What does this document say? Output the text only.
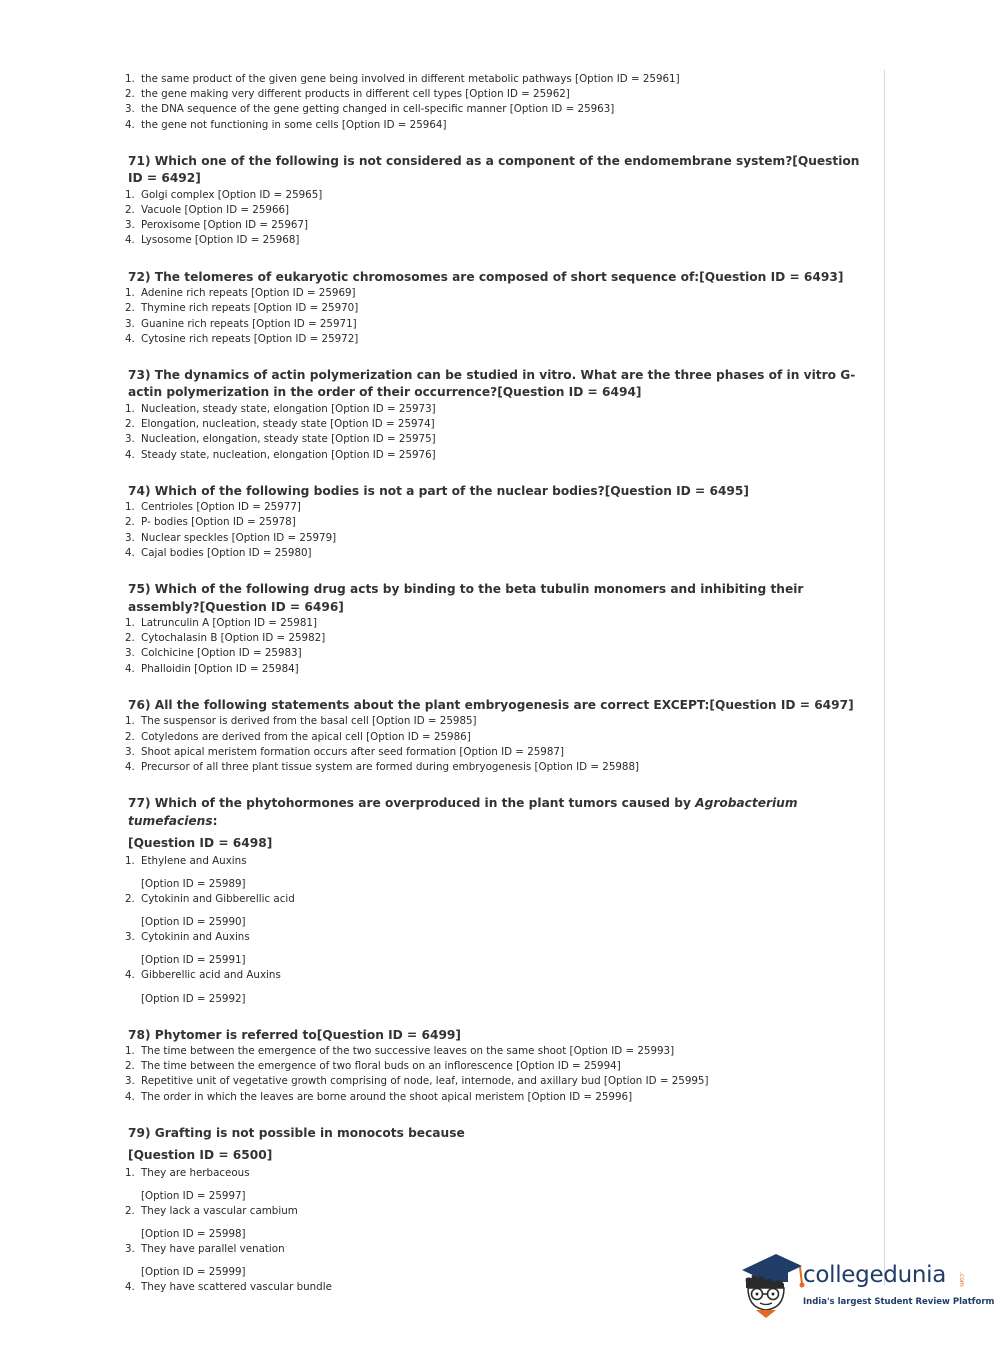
1. the same product of the given gene being involved in different metabolic pathways [Option ID = 25961]
2. the gene making very different products in different cell types [Option ID = 25962]
3. the DNA sequence of the gene getting changed in cell-specific manner [Option ID = 25963]
4. the gene not functioning in some cells [Option ID = 25964]
71) Which one of the following is not considered as a component of the endomembrane system?[Question ID = 6492]
1. Golgi complex [Option ID = 25965]
2. Vacuole [Option ID = 25966]
3. Peroxisome [Option ID = 25967]
4. Lysosome [Option ID = 25968]
72) The telomeres of eukaryotic chromosomes are composed of short sequence of:[Question ID = 6493]
1. Adenine rich repeats [Option ID = 25969]
2. Thymine rich repeats [Option ID = 25970]
3. Guanine rich repeats [Option ID = 25971]
4. Cytosine rich repeats [Option ID = 25972]
73) The dynamics of actin polymerization can be studied in vitro. What are the three phases of in vitro G-actin polymerization in the order of their occurrence?[Question ID = 6494]
1. Nucleation, steady state, elongation [Option ID = 25973]
2. Elongation, nucleation, steady state [Option ID = 25974]
3. Nucleation, elongation, steady state [Option ID = 25975]
4. Steady state, nucleation, elongation [Option ID = 25976]
74) Which of the following bodies is not a part of the nuclear bodies?[Question ID = 6495]
1. Centrioles [Option ID = 25977]
2. P- bodies [Option ID = 25978]
3. Nuclear speckles [Option ID = 25979]
4. Cajal bodies [Option ID = 25980]
75) Which of the following drug acts by binding to the beta tubulin monomers and inhibiting their assembly?[Question ID = 6496]
1. Latrunculin A [Option ID = 25981]
2. Cytochalasin B [Option ID = 25982]
3. Colchicine [Option ID = 25983]
4. Phalloidin [Option ID = 25984]
76) All the following statements about the plant embryogenesis are correct EXCEPT:[Question ID = 6497]
1. The suspensor is derived from the basal cell [Option ID = 25985]
2. Cotyledons are derived from the apical cell [Option ID = 25986]
3. Shoot apical meristem formation occurs after seed formation [Option ID = 25987]
4. Precursor of all three plant tissue system are formed during embryogenesis [Option ID = 25988]
77) Which of the phytohormones are overproduced in the plant tumors caused by Agrobacterium tumefaciens:
[Question ID = 6498]
1. Ethylene and Auxins
[Option ID = 25989]
2. Cytokinin and Gibberellic acid
[Option ID = 25990]
3. Cytokinin and Auxins
[Option ID = 25991]
4. Gibberellic acid and Auxins
[Option ID = 25992]
78) Phytomer is referred to[Question ID = 6499]
1. The time between the emergence of the two successive leaves on the same shoot [Option ID = 25993]
2. The time between the emergence of two floral buds on an inflorescence [Option ID = 25994]
3. Repetitive unit of vegetative growth comprising of node, leaf, internode, and axillary bud [Option ID = 25995]
4. The order in which the leaves are borne around the shoot apical meristem [Option ID = 25996]
79) Grafting is not possible in monocots because
[Question ID = 6500]
1. They are herbaceous
[Option ID = 25997]
2. They lack a vascular cambium
[Option ID = 25998]
3. They have parallel venation
[Option ID = 25999]
4. They have scattered vascular bundle	collegedunia .com
India's largest Student Review Platform
